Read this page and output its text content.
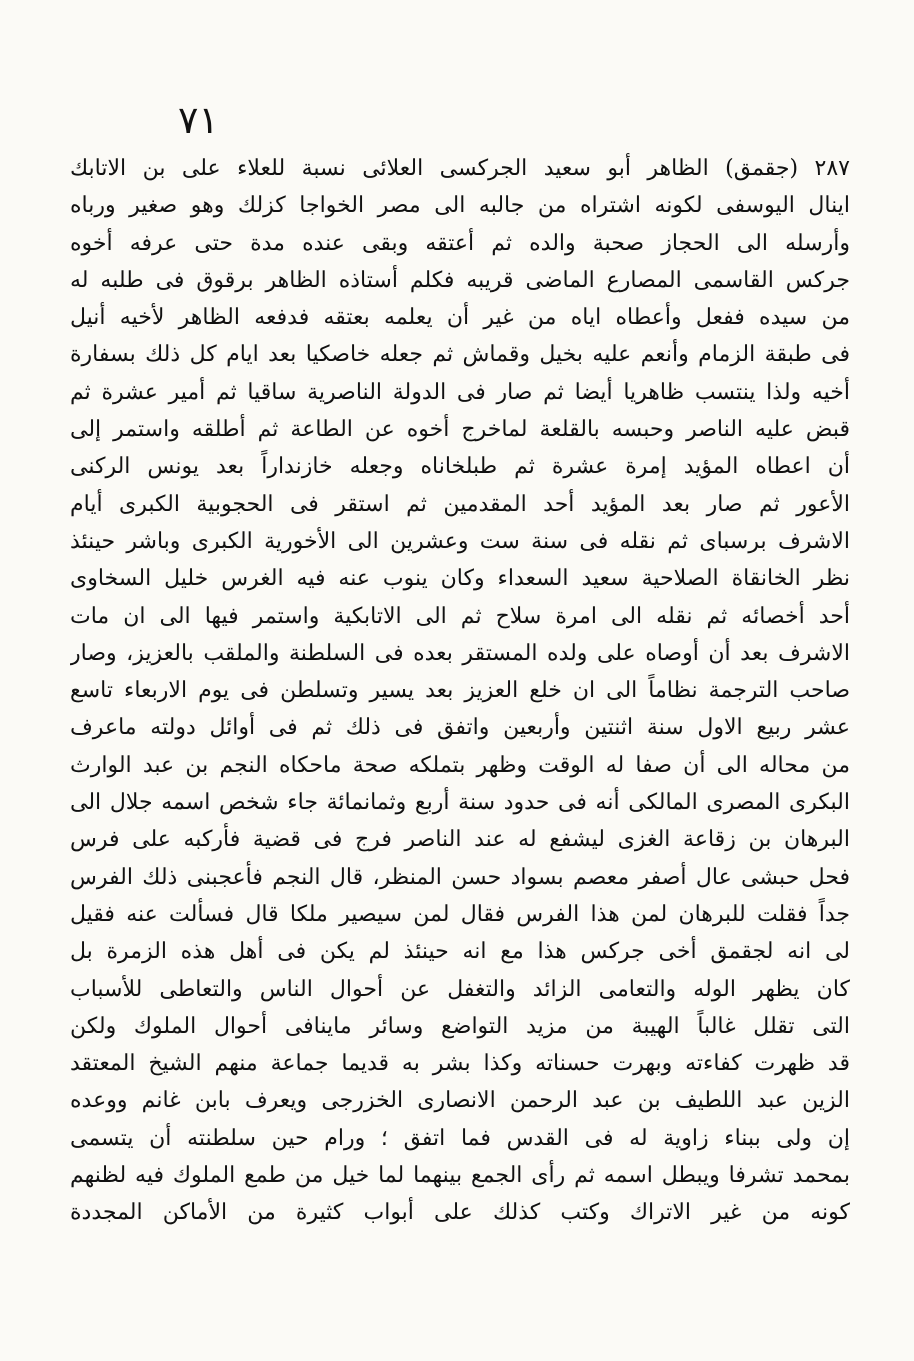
٧١
٢٨٧ (جقمق) الظاهر أبو سعيد الجركسى العلائى نسبة للعلاء على بن الاتابك
اينال اليوسفى لكونه اشتراه من جالبه الى مصر الخواجا كزلك وهو صغير ورباه
وأرسله الى الحجاز صحبة والده ثم أعتقه وبقى عنده مدة حتى عرفه أخوه
جركس القاسمى المصارع الماضى قريبه فكلم أستاذه الظاهر برقوق فى طلبه له
من سيده ففعل وأعطاه اياه من غير أن يعلمه بعتقه فدفعه الظاهر لأخيه أنيل
فى طبقة الزمام وأنعم عليه بخيل وقماش ثم جعله خاصكيا بعد ايام كل ذلك بسفارة
أخيه ولذا ينتسب ظاهريا أيضا ثم صار فى الدولة الناصرية ساقيا ثم أمير عشرة ثم
قبض عليه الناصر وحبسه بالقلعة لماخرج أخوه عن الطاعة ثم أطلقه واستمر إلى
أن اعطاه المؤيد إمرة عشرة ثم طبلخاناه وجعله خازنداراً بعد يونس الركنى
الأعور ثم صار بعد المؤيد أحد المقدمين ثم استقر فى الحجوبية الكبرى أيام
الاشرف برسباى ثم نقله فى سنة ست وعشرين الى الأخورية الكبرى وباشر حينئذ
نظر الخانقاة الصلاحية سعيد السعداء وكان ينوب عنه فيه الغرس خليل السخاوى
أحد أخصائه ثم نقله الى امرة سلاح ثم الى الاتابكية واستمر فيها الى ان مات
الاشرف بعد أن أوصاه على ولده المستقر بعده فى السلطنة والملقب بالعزيز، وصار
صاحب الترجمة نظاماً الى ان خلع العزيز بعد يسير وتسلطن فى يوم الاربعاء تاسع
عشر ربيع الاول سنة اثنتين وأربعين واتفق فى ذلك ثم فى أوائل دولته ماعرف
من محاله الى أن صفا له الوقت وظهر بتملكه صحة ماحكاه النجم بن عبد الوارث
البكرى المصرى المالكى أنه فى حدود سنة أربع وثمانمائة جاء شخص اسمه جلال الى
البرهان بن زقاعة الغزى ليشفع له عند الناصر فرج فى قضية فأركبه على فرس
فحل حبشى عال أصفر معصم بسواد حسن المنظر، قال النجم فأعجبنى ذلك الفرس
جداً فقلت للبرهان لمن هذا الفرس فقال لمن سيصير ملكا قال فسألت عنه فقيل
لى انه لجقمق أخى جركس هذا مع انه حينئذ لم يكن فى أهل هذه الزمرة بل
كان يظهر الوله والتعامى الزائد والتغفل عن أحوال الناس والتعاطى للأسباب
التى تقلل غالباً الهيبة من مزيد التواضع وسائر ماينافى أحوال الملوك ولكن
قد ظهرت كفاءته وبهرت حسناته وكذا بشر به قديما جماعة منهم الشيخ المعتقد
الزين عبد اللطيف بن عبد الرحمن الانصارى الخزرجى ويعرف بابن غانم ووعده
إن ولى ببناء زاوية له فى القدس فما اتفق ؛ ورام حين سلطنته أن يتسمى
بمحمد تشرفا ويبطل اسمه ثم رأى الجمع بينهما لما خيل من طمع الملوك فيه لظنهم
كونه من غير الاتراك وكتب كذلك على أبواب كثيرة من الأماكن المجددة
